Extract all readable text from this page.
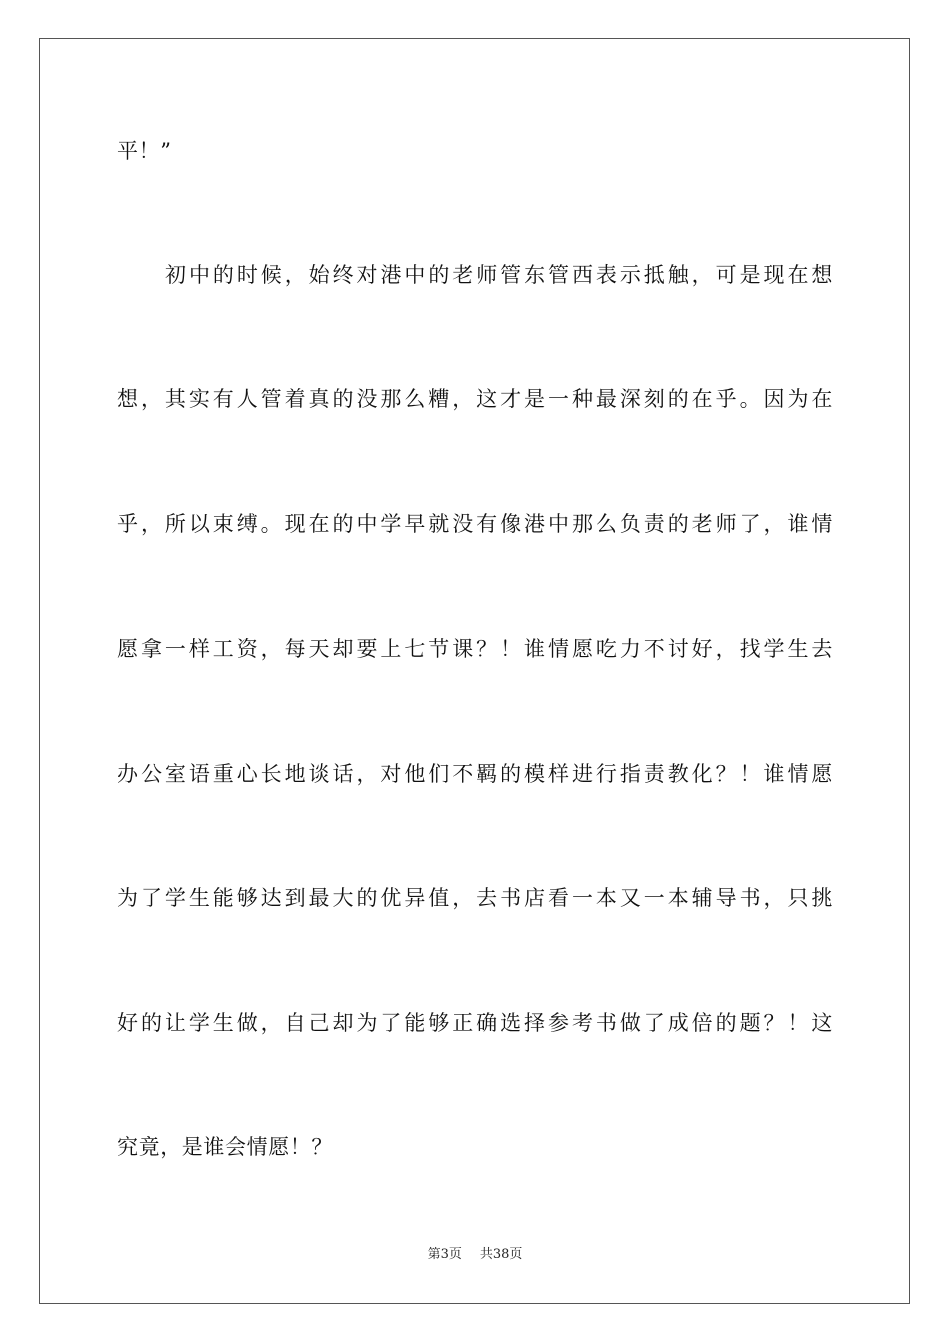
平！”
初中的时候，始终对港中的老师管东管西表示抵触，可是现在想
想，其实有人管着真的没那么糟，这才是一种最深刻的在乎。因为在
乎，所以束缚。现在的中学早就没有像港中那么负责的老师了，谁情
愿拿一样工资，每天却要上七节课？！谁情愿吃力不讨好，找学生去
办公室语重心长地谈话，对他们不羁的模样进行指责教化？！谁情愿
为了学生能够达到最大的优异值，去书店看一本又一本辅导书，只挑
好的让学生做，自己却为了能够正确选择参考书做了成倍的题？！这
究竟，是谁会情愿！？
第3页 共38页
